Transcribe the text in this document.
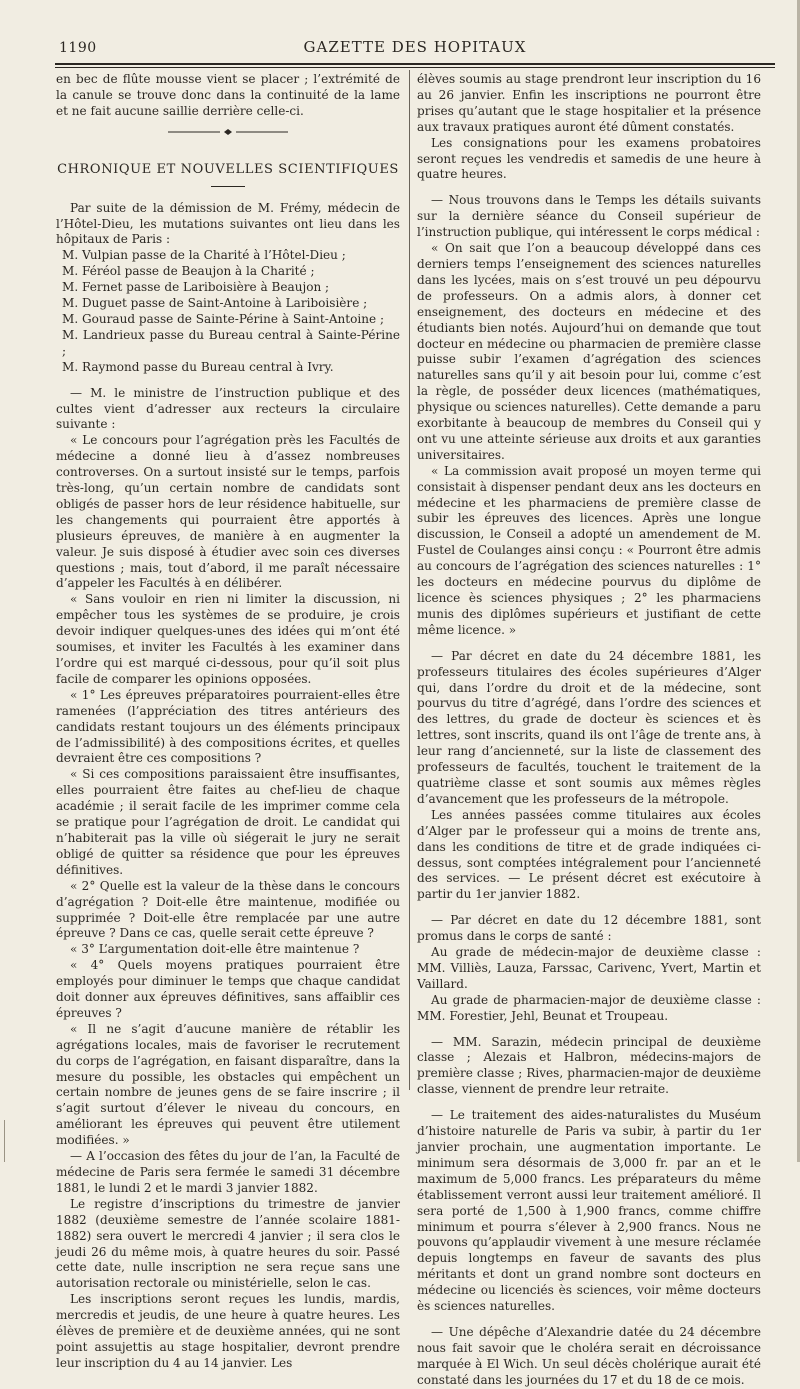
1190	GAZETTE DES HOPITAUX

en bec de flûte mousse vient se placer ; l’extrémité de la canule se trouve donc dans la continuité de la lame et ne fait aucune saillie derrière celle-ci.

CHRONIQUE ET NOUVELLES SCIENTIFIQUES

Par suite de la démission de M. Frémy, médecin de l’Hôtel-Dieu, les mutations suivantes ont lieu dans les hôpitaux de Paris :

M. Vulpian passe de la Charité à l’Hôtel-Dieu ;

M. Féréol passe de Beaujon à la Charité ;

M. Fernet passe de Lariboisière à Beaujon ;

M. Duguet passe de Saint-Antoine à Lariboisière ;

M. Gouraud passe de Sainte-Périne à Saint-Antoine ;

M. Landrieux passe du Bureau central à Sainte-Périne ;

M. Raymond passe du Bureau central à Ivry.

— M. le ministre de l’instruction publique et des cultes vient d’adresser aux recteurs la circulaire suivante :

« Le concours pour l’agrégation près les Facultés de médecine a donné lieu à d’assez nombreuses controverses. On a surtout insisté sur le temps, parfois très-long, qu’un certain nombre de candidats sont obligés de passer hors de leur résidence habituelle, sur les changements qui pourraient être apportés à plusieurs épreuves, de manière à en augmenter la valeur. Je suis disposé à étudier avec soin ces diverses questions ; mais, tout d’abord, il me paraît nécessaire d’appeler les Facultés à en délibérer.

« Sans vouloir en rien ni limiter la discussion, ni empêcher tous les systèmes de se produire, je crois devoir indiquer quelques-unes des idées qui m’ont été soumises, et inviter les Facultés à les examiner dans l’ordre qui est marqué ci-dessous, pour qu’il soit plus facile de comparer les opinions opposées.

« 1° Les épreuves préparatoires pourraient-elles être ramenées (l’appréciation des titres antérieurs des candidats restant toujours un des éléments principaux de l’admissibilité) à des compositions écrites, et quelles devraient être ces compositions ?

« Si ces compositions paraissaient être insuffisantes, elles pourraient être faites au chef-lieu de chaque académie ; il serait facile de les imprimer comme cela se pratique pour l’agrégation de droit. Le candidat qui n’habiterait pas la ville où siégerait le jury ne serait obligé de quitter sa résidence que pour les épreuves définitives.

« 2° Quelle est la valeur de la thèse dans le concours d’agrégation ? Doit-elle être maintenue, modifiée ou supprimée ? Doit-elle être remplacée par une autre épreuve ? Dans ce cas, quelle serait cette épreuve ?

« 3° L’argumentation doit-elle être maintenue ?

« 4° Quels moyens pratiques pourraient être employés pour diminuer le temps que chaque candidat doit donner aux épreuves définitives, sans affaiblir ces épreuves ?

« Il ne s’agit d’aucune manière de rétablir les agrégations locales, mais de favoriser le recrutement du corps de l’agrégation, en faisant disparaître, dans la mesure du possible, les obstacles qui empêchent un certain nombre de jeunes gens de se faire inscrire ; il s’agit surtout d’élever le niveau du concours, en améliorant les épreuves qui peuvent être utilement modifiées. »

— A l’occasion des fêtes du jour de l’an, la Faculté de médecine de Paris sera fermée le samedi 31 décembre 1881, le lundi 2 et le mardi 3 janvier 1882.

Le registre d’inscriptions du trimestre de janvier 1882 (deuxième semestre de l’année scolaire 1881-1882) sera ouvert le mercredi 4 janvier ; il sera clos le jeudi 26 du même mois, à quatre heures du soir. Passé cette date, nulle inscription ne sera reçue sans une autorisation rectorale ou ministérielle, selon le cas.

Les inscriptions seront reçues les lundis, mardis, mercredis et jeudis, de une heure à quatre heures. Les élèves de première et de deuxième années, qui ne sont point assujettis au stage hospitalier, devront prendre leur inscription du 4 au 14 janvier. Les

élèves soumis au stage prendront leur inscription du 16 au 26 janvier. Enfin les inscriptions ne pourront être prises qu’autant que le stage hospitalier et la présence aux travaux pratiques auront été dûment constatés.

Les consignations pour les examens probatoires seront reçues les vendredis et samedis de une heure à quatre heures.

— Nous trouvons dans le Temps les détails suivants sur la dernière séance du Conseil supérieur de l’instruction publique, qui intéressent le corps médical :

« On sait que l’on a beaucoup développé dans ces derniers temps l’enseignement des sciences naturelles dans les lycées, mais on s’est trouvé un peu dépourvu de professeurs. On a admis alors, à donner cet enseignement, des docteurs en médecine et des étudiants bien notés. Aujourd’hui on demande que tout docteur en médecine ou pharmacien de première classe puisse subir l’examen d’agrégation des sciences naturelles sans qu’il y ait besoin pour lui, comme c’est la règle, de posséder deux licences (mathématiques, physique ou sciences naturelles). Cette demande a paru exorbitante à beaucoup de membres du Conseil qui y ont vu une atteinte sérieuse aux droits et aux garanties universitaires.

« La commission avait proposé un moyen terme qui consistait à dispenser pendant deux ans les docteurs en médecine et les pharmaciens de première classe de subir les épreuves des licences. Après une longue discussion, le Conseil a adopté un amendement de M. Fustel de Coulanges ainsi conçu : « Pourront être admis au concours de l’agrégation des sciences naturelles : 1° les docteurs en médecine pourvus du diplôme de licence ès sciences physiques ; 2° les pharmaciens munis des diplômes supérieurs et justifiant de cette même licence. »

— Par décret en date du 24 décembre 1881, les professeurs titulaires des écoles supérieures d’Alger qui, dans l’ordre du droit et de la médecine, sont pourvus du titre d’agrégé, dans l’ordre des sciences et des lettres, du grade de docteur ès sciences et ès lettres, sont inscrits, quand ils ont l’âge de trente ans, à leur rang d’ancienneté, sur la liste de classement des professeurs de facultés, touchent le traitement de la quatrième classe et sont soumis aux mêmes règles d’avancement que les professeurs de la métropole.

Les années passées comme titulaires aux écoles d’Alger par le professeur qui a moins de trente ans, dans les conditions de titre et de grade indiquées ci-dessus, sont comptées intégralement pour l’ancienneté des services. — Le présent décret est exécutoire à partir du 1er janvier 1882.

— Par décret en date du 12 décembre 1881, sont promus dans le corps de santé :

Au grade de médecin-major de deuxième classe : MM. Villiès, Lauza, Farssac, Carivenc, Yvert, Martin et Vaillard.

Au grade de pharmacien-major de deuxième classe : MM. Forestier, Jehl, Beunat et Troupeau.

— MM. Sarazin, médecin principal de deuxième classe ; Alezais et Halbron, médecins-majors de première classe ; Rives, pharmacien-major de deuxième classe, viennent de prendre leur retraite.

— Le traitement des aides-naturalistes du Muséum d’histoire naturelle de Paris va subir, à partir du 1er janvier prochain, une augmentation importante. Le minimum sera désormais de 3,000 fr. par an et le maximum de 5,000 francs. Les préparateurs du même établissement verront aussi leur traitement amélioré. Il sera porté de 1,500 à 1,900 francs, comme chiffre minimum et pourra s’élever à 2,900 francs. Nous ne pouvons qu’applaudir vivement à une mesure réclamée depuis longtemps en faveur de savants des plus méritants et dont un grand nombre sont docteurs en médecine ou licenciés ès sciences, voir même docteurs ès sciences naturelles.

— Une dépêche d’Alexandrie datée du 24 décembre nous fait savoir que le choléra serait en décroissance marquée à El Wich. Un seul décès cholérique aurait été constaté dans les journées du 17 et du 18 de ce mois.
